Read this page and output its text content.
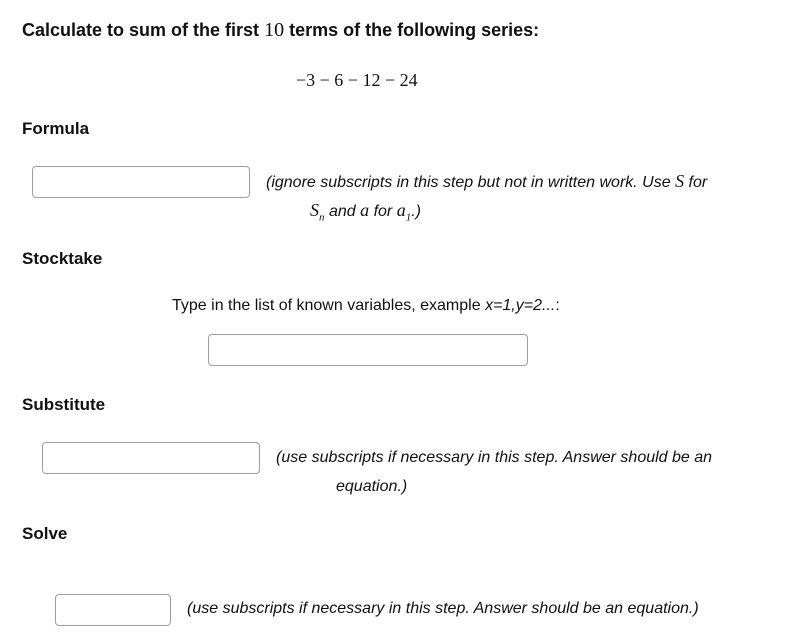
Calculate to sum of the first 10 terms of the following series:
−3 − 6 − 12 − 24
Formula
(ignore subscripts in this step but not in written work. Use S for
$S_n$ and a for $a_1$.)
Stocktake
Type in the list of known variables, example x=1,y=2...:
Substitute
(use subscripts if necessary in this step. Answer should be an
equation.)
Solve
(use subscripts if necessary in this step. Answer should be an equation.)
